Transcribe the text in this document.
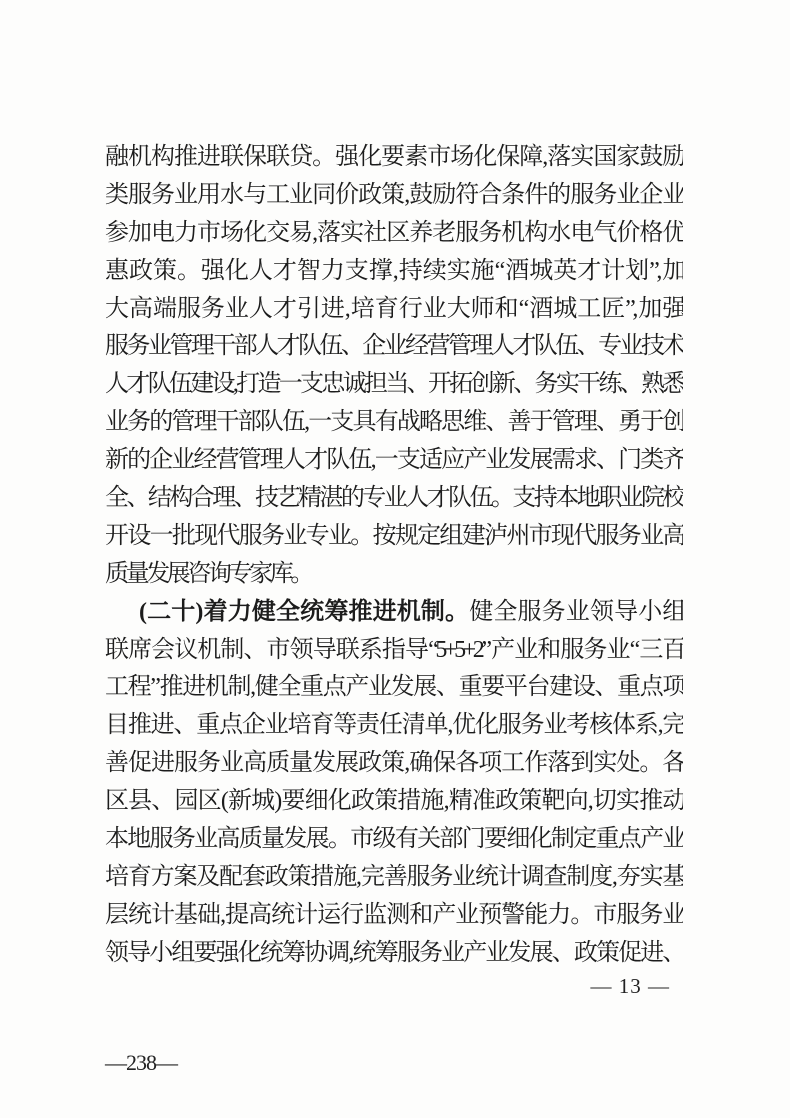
融机构推进联保联贷。强化要素市场化保障,落实国家鼓励
类服务业用水与工业同价政策,鼓励符合条件的服务业企业
参加电力市场化交易,落实社区养老服务机构水电气价格优
惠政策。强化人才智力支撑,持续实施“酒城英才计划”,加
大高端服务业人才引进,培育行业大师和“酒城工匠”,加强
服务业管理干部人才队伍、企业经营管理人才队伍、专业技术
人才队伍建设,打造一支忠诚担当、开拓创新、务实干练、熟悉
业务的管理干部队伍,一支具有战略思维、善于管理、勇于创
新的企业经营管理人才队伍,一支适应产业发展需求、门类齐
全、结构合理、技艺精湛的专业人才队伍。支持本地职业院校
开设一批现代服务业专业。按规定组建泸州市现代服务业高
质量发展咨询专家库。
(二十)着力健全统筹推进机制。健全服务业领导小组
联席会议机制、市领导联系指导“5+5+2”产业和服务业“三百
工程”推进机制,健全重点产业发展、重要平台建设、重点项
目推进、重点企业培育等责任清单,优化服务业考核体系,完
善促进服务业高质量发展政策,确保各项工作落到实处。各
区县、园区(新城)要细化政策措施,精准政策靶向,切实推动
本地服务业高质量发展。市级有关部门要细化制定重点产业
培育方案及配套政策措施,完善服务业统计调查制度,夯实基
层统计基础,提高统计运行监测和产业预警能力。市服务业
领导小组要强化统筹协调,统筹服务业产业发展、政策促进、
— 13 —
—238—
